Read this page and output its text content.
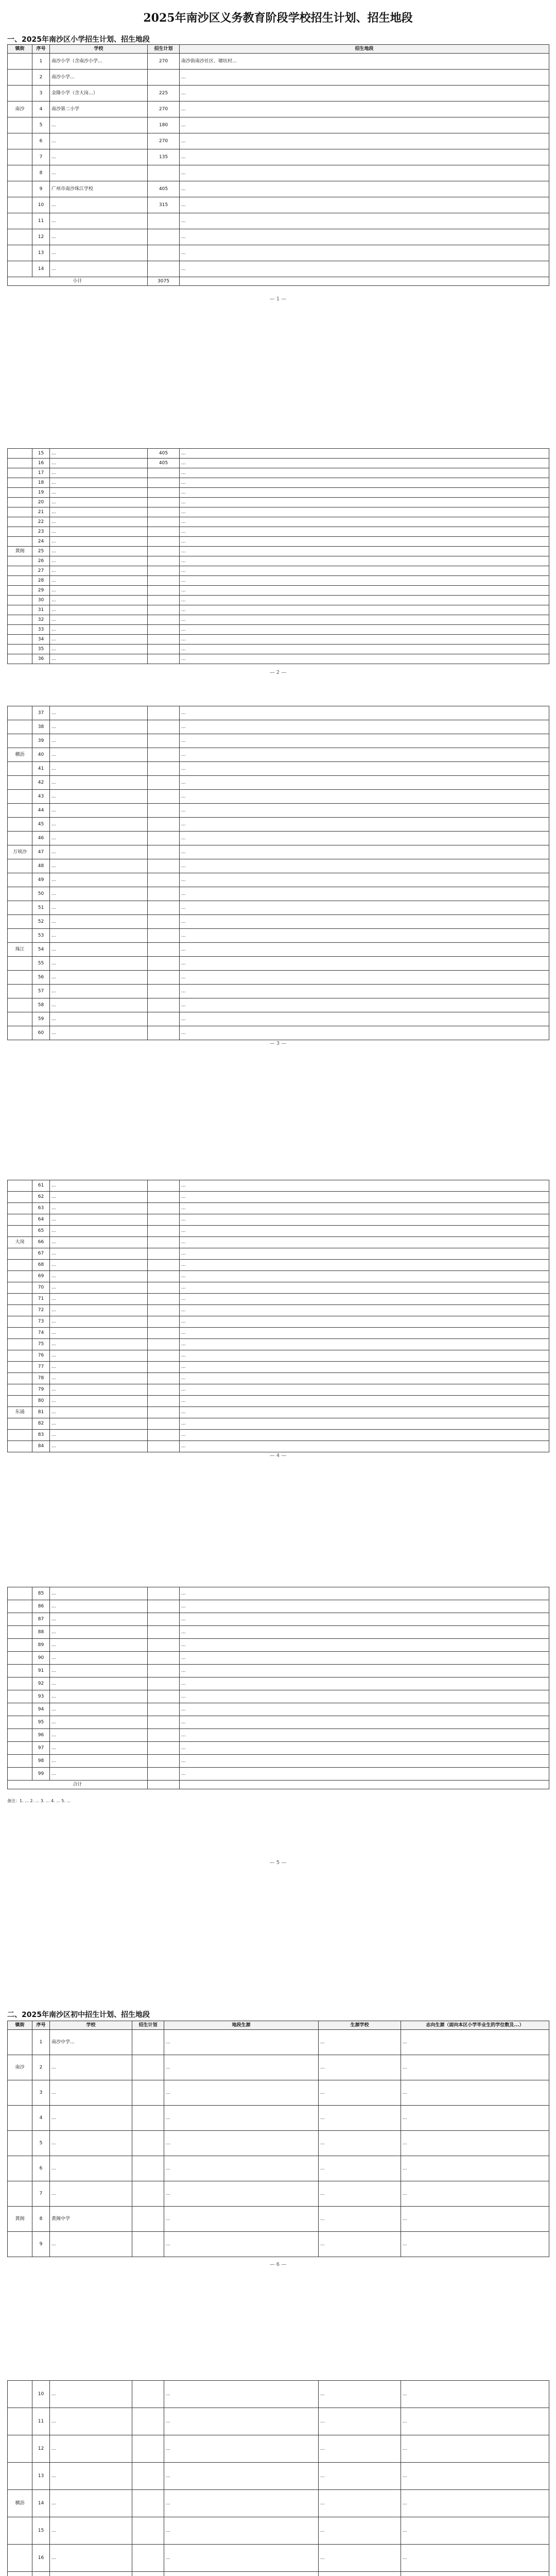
2025年南沙区义务教育阶段学校招生计划、招生地段
一、2025年南沙区小学招生计划、招生地段
镇街	序号	学校	招生计划	招生地段
	1	南沙小学（含南沙小学...	270	南沙街南沙社区、塘坑村...
	2	南沙小学...		...
	3	金隆小学（含大岗...）	225	...
南沙	4	南沙第二小学	270	...
	5	...	180	...
	6	...	270	...
	7	...	135	...
	8	...		...
	9	广州市南沙珠江学校	405	...
	10	...	315	...
	11	...		...
	12	...		...
	13	...		...
	14	...		...
小计			3075	
— 1 —
	15	...	405	...
	16	...	405	...
	17	...		...
	18	...		...
	19	...		...
	20	...		...
	21	...		...
	22	...		...
	23	...		...
	24	...		...
黄阁	25	...		...
	26	...		...
	27	...		...
	28	...		...
	29	...		...
	30	...		...
	31	...		...
	32	...		...
	33	...		...
	34	...		...
	35	...		...
	36	...		...
— 2 —
	37	...		...
	38	...		...
	39	...		...
横沥	40	...		...
	41	...		...
	42	...		...
	43	...		...
	44	...		...
	45	...		...
	46	...		...
万顷沙	47	...		...
	48	...		...
	49	...		...
	50	...		...
	51	...		...
	52	...		...
	53	...		...
珠江	54	...		...
	55	...		...
	56	...		...
	57	...		...
	58	...		...
	59	...		...
	60	...		...
— 3 —
	61	...		...
	62	...		...
	63	...		...
	64	...		...
	65	...		...
大岗	66	...		...
	67	...		...
	68	...		...
	69	...		...
	70	...		...
	71	...		...
	72	...		...
	73	...		...
	74	...		...
	75	...		...
	76	...		...
	77	...		...
	78	...		...
	79	...		...
	80	...		...
东涌	81	...		...
	82	...		...
	83	...		...
	84	...		...
— 4 —
	85	...		...
	86	...		...
	87	...		...
	88	...		...
	89	...		...
	90	...		...
	91	...		...
	92	...		...
	93	...		...
	94	...		...
	95	...		...
	96	...		...
	97	...		...
	98	...		...
	99	...		...
合计				
备注：1. ... 2. ... 3. ... 4. ... 5. ...
— 5 —
二、2025年南沙区初中招生计划、招生地段
镇街	序号	学校	招生计划	地段生源	生源学校	志向生源（面向本区小学毕业生的学位数及...）
	1	南沙中学...		...	...	...
南沙	2	...		...	...	...
	3	...		...	...	...
	4	...		...	...	...
	5	...		...	...	...
	6	...		...	...	...
	7	...		...	...	...
黄阁	8	黄阁中学		...	...	...
	9	...		...	...	...
— 6 —
	10	...		...	...	...
	11	...		...	...	...
	12	...		...	...	...
	13	...		...	...	...
横沥	14	...		...	...	...
	15	...		...	...	...
	16	...		...	...	...
